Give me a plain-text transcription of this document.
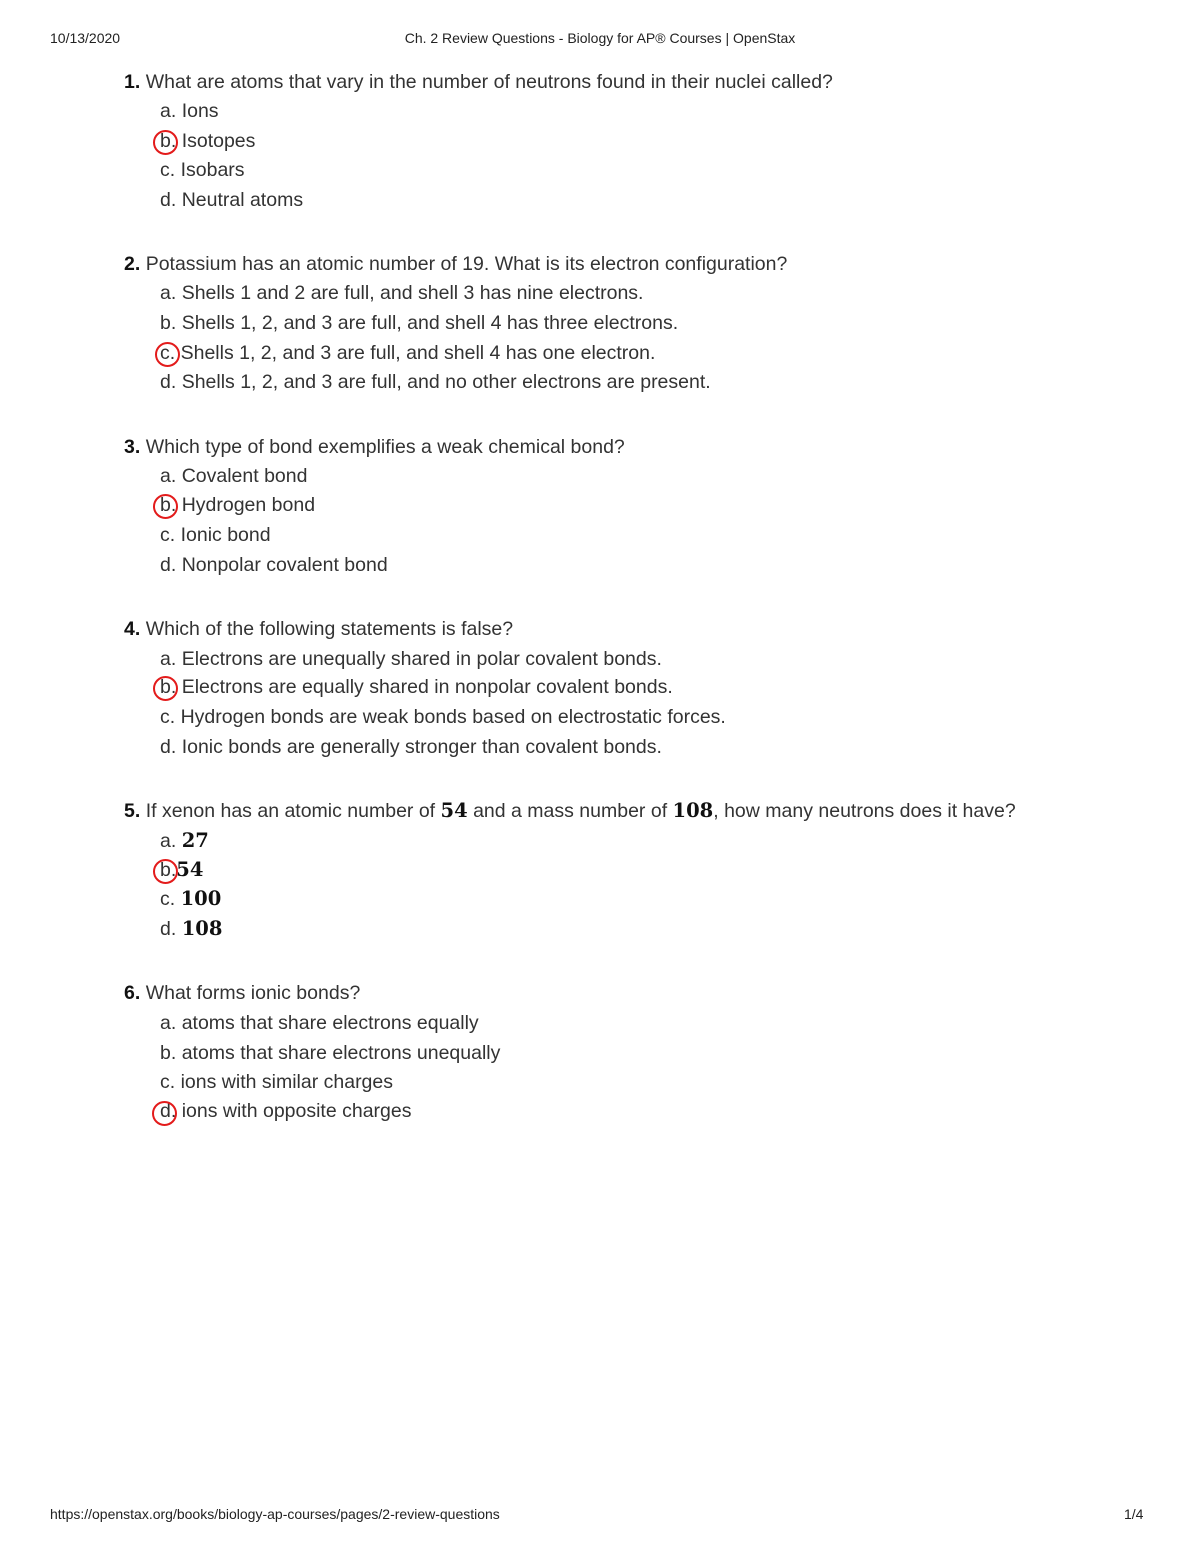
10/13/2020	Ch. 2 Review Questions - Biology for AP® Courses | OpenStax
1. What are atoms that vary in the number of neutrons found in their nuclei called?
a. Ions
b. Isotopes
c. Isobars
d. Neutral atoms
2. Potassium has an atomic number of 19. What is its electron configuration?
a. Shells 1 and 2 are full, and shell 3 has nine electrons.
b. Shells 1, 2, and 3 are full, and shell 4 has three electrons.
c. Shells 1, 2, and 3 are full, and shell 4 has one electron.
d. Shells 1, 2, and 3 are full, and no other electrons are present.
3. Which type of bond exemplifies a weak chemical bond?
a. Covalent bond
b. Hydrogen bond
c. Ionic bond
d. Nonpolar covalent bond
4. Which of the following statements is false?
a. Electrons are unequally shared in polar covalent bonds.
b. Electrons are equally shared in nonpolar covalent bonds.
c. Hydrogen bonds are weak bonds based on electrostatic forces.
d. Ionic bonds are generally stronger than covalent bonds.
5. If xenon has an atomic number of 54 and a mass number of 108, how many neutrons does it have?
a. 27
b.54
c. 100
d. 108
6. What forms ionic bonds?
a. atoms that share electrons equally
b. atoms that share electrons unequally
c. ions with similar charges
d. ions with opposite charges
https://openstax.org/books/biology-ap-courses/pages/2-review-questions	1/4
